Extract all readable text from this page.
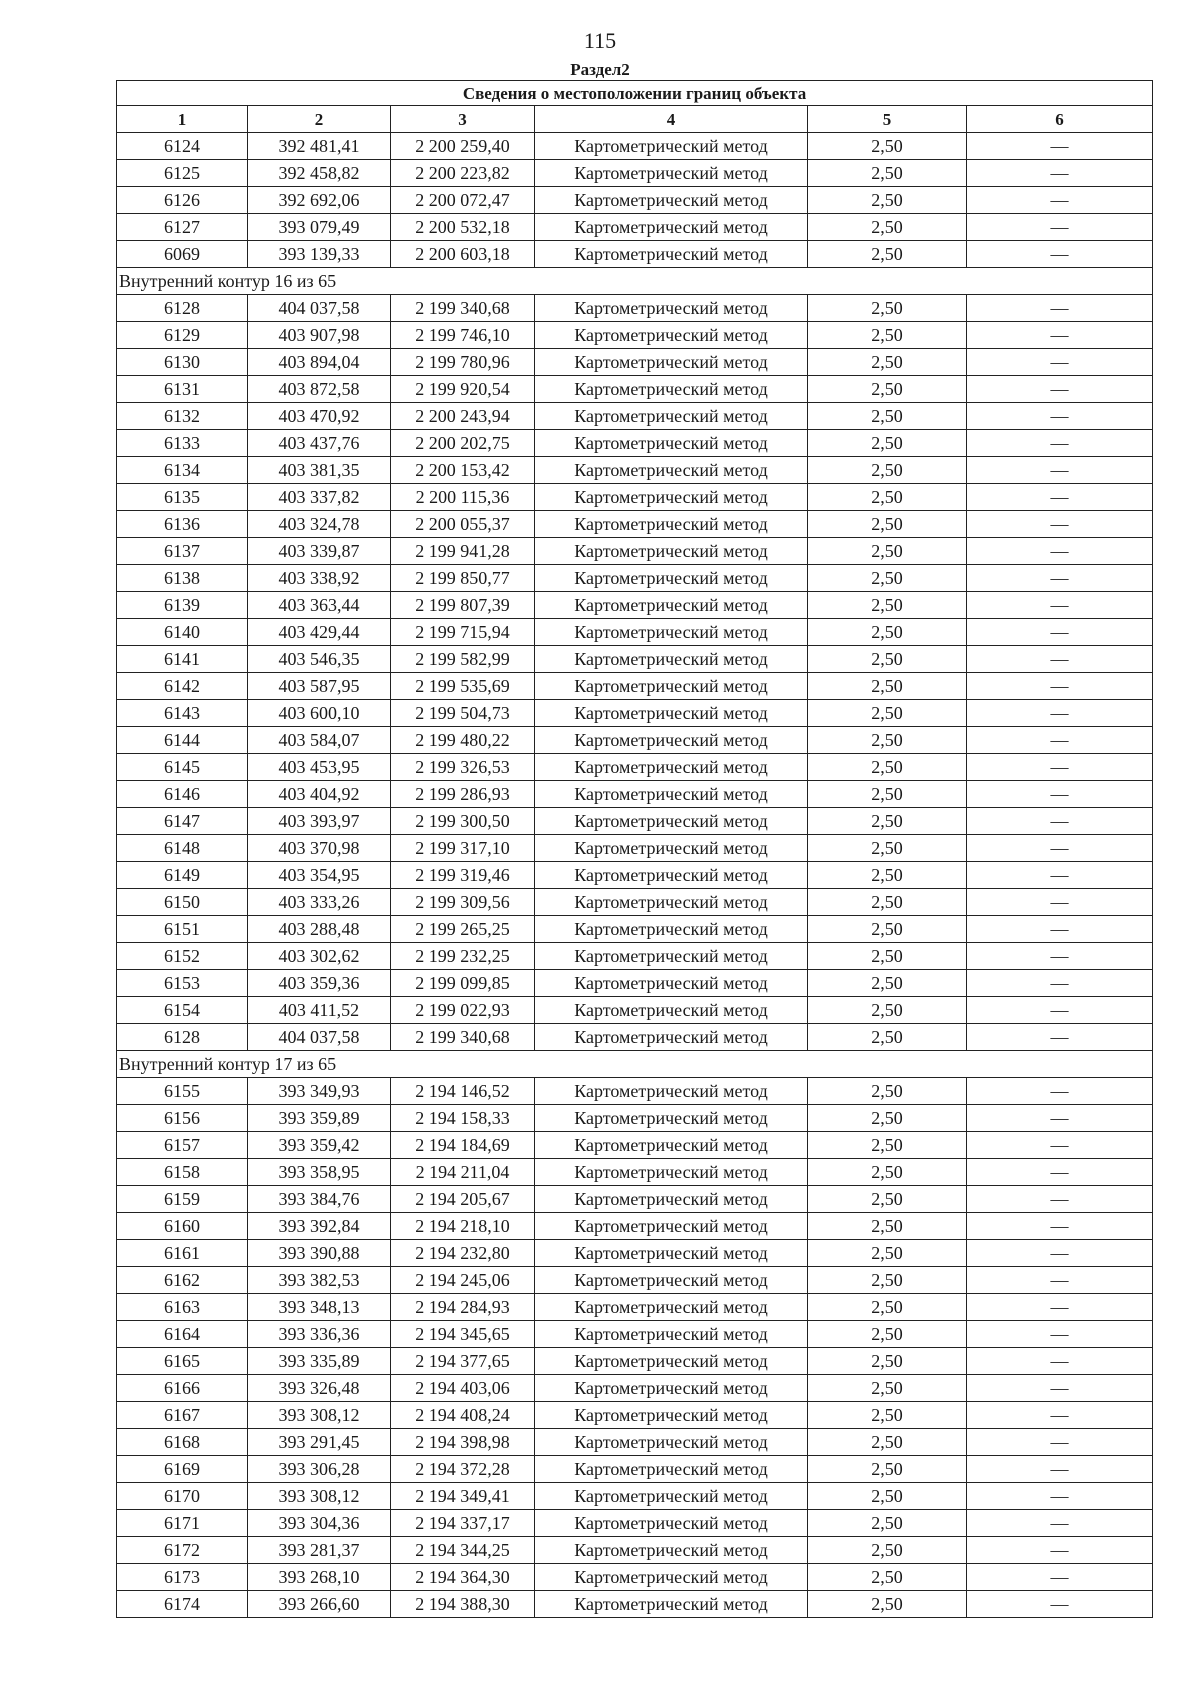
115
Раздел2
Сведения о местоположении границ объекта					
1	2	3	4	5	6
6124	392 481,41	2 200 259,40	Картометрический метод	2,50	—
6125	392 458,82	2 200 223,82	Картометрический метод	2,50	—
6126	392 692,06	2 200 072,47	Картометрический метод	2,50	—
6127	393 079,49	2 200 532,18	Картометрический метод	2,50	—
6069	393 139,33	2 200 603,18	Картометрический метод	2,50	—
Внутренний контур 16 из 65					
6128	404 037,58	2 199 340,68	Картометрический метод	2,50	—
6129	403 907,98	2 199 746,10	Картометрический метод	2,50	—
6130	403 894,04	2 199 780,96	Картометрический метод	2,50	—
6131	403 872,58	2 199 920,54	Картометрический метод	2,50	—
6132	403 470,92	2 200 243,94	Картометрический метод	2,50	—
6133	403 437,76	2 200 202,75	Картометрический метод	2,50	—
6134	403 381,35	2 200 153,42	Картометрический метод	2,50	—
6135	403 337,82	2 200 115,36	Картометрический метод	2,50	—
6136	403 324,78	2 200 055,37	Картометрический метод	2,50	—
6137	403 339,87	2 199 941,28	Картометрический метод	2,50	—
6138	403 338,92	2 199 850,77	Картометрический метод	2,50	—
6139	403 363,44	2 199 807,39	Картометрический метод	2,50	—
6140	403 429,44	2 199 715,94	Картометрический метод	2,50	—
6141	403 546,35	2 199 582,99	Картометрический метод	2,50	—
6142	403 587,95	2 199 535,69	Картометрический метод	2,50	—
6143	403 600,10	2 199 504,73	Картометрический метод	2,50	—
6144	403 584,07	2 199 480,22	Картометрический метод	2,50	—
6145	403 453,95	2 199 326,53	Картометрический метод	2,50	—
6146	403 404,92	2 199 286,93	Картометрический метод	2,50	—
6147	403 393,97	2 199 300,50	Картометрический метод	2,50	—
6148	403 370,98	2 199 317,10	Картометрический метод	2,50	—
6149	403 354,95	2 199 319,46	Картометрический метод	2,50	—
6150	403 333,26	2 199 309,56	Картометрический метод	2,50	—
6151	403 288,48	2 199 265,25	Картометрический метод	2,50	—
6152	403 302,62	2 199 232,25	Картометрический метод	2,50	—
6153	403 359,36	2 199 099,85	Картометрический метод	2,50	—
6154	403 411,52	2 199 022,93	Картометрический метод	2,50	—
6128	404 037,58	2 199 340,68	Картометрический метод	2,50	—
Внутренний контур 17 из 65					
6155	393 349,93	2 194 146,52	Картометрический метод	2,50	—
6156	393 359,89	2 194 158,33	Картометрический метод	2,50	—
6157	393 359,42	2 194 184,69	Картометрический метод	2,50	—
6158	393 358,95	2 194 211,04	Картометрический метод	2,50	—
6159	393 384,76	2 194 205,67	Картометрический метод	2,50	—
6160	393 392,84	2 194 218,10	Картометрический метод	2,50	—
6161	393 390,88	2 194 232,80	Картометрический метод	2,50	—
6162	393 382,53	2 194 245,06	Картометрический метод	2,50	—
6163	393 348,13	2 194 284,93	Картометрический метод	2,50	—
6164	393 336,36	2 194 345,65	Картометрический метод	2,50	—
6165	393 335,89	2 194 377,65	Картометрический метод	2,50	—
6166	393 326,48	2 194 403,06	Картометрический метод	2,50	—
6167	393 308,12	2 194 408,24	Картометрический метод	2,50	—
6168	393 291,45	2 194 398,98	Картометрический метод	2,50	—
6169	393 306,28	2 194 372,28	Картометрический метод	2,50	—
6170	393 308,12	2 194 349,41	Картометрический метод	2,50	—
6171	393 304,36	2 194 337,17	Картометрический метод	2,50	—
6172	393 281,37	2 194 344,25	Картометрический метод	2,50	—
6173	393 268,10	2 194 364,30	Картометрический метод	2,50	—
6174	393 266,60	2 194 388,30	Картометрический метод	2,50	—
